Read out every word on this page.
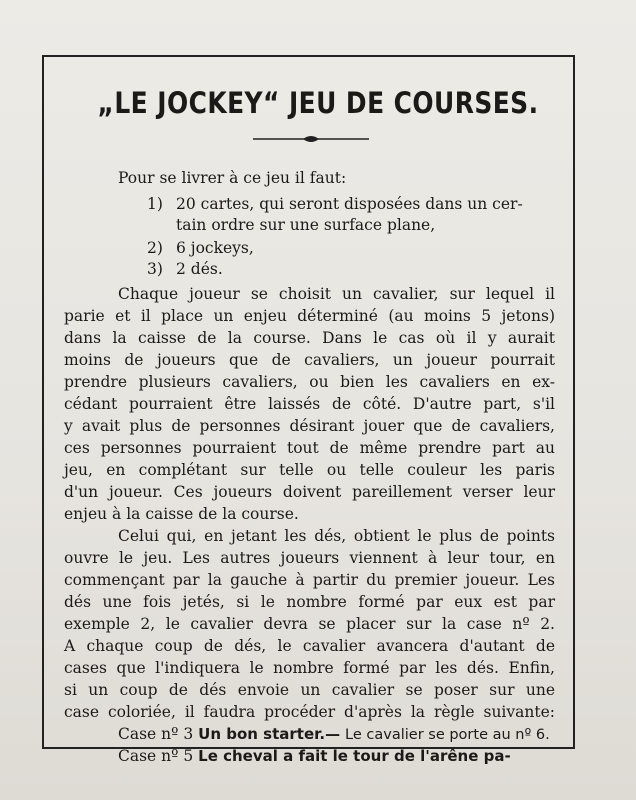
„LE JOCKEY“ JEU DE COURSES.
Pour se livrer à ce jeu il faut:
1) 20 cartes, qui seront disposées dans un cer-
tain ordre sur une surface plane,
2) 6 jockeys,
3) 2 dés.
Chaque joueur se choisit un cavalier, sur lequel il
parie et il place un enjeu déterminé (au moins 5 jetons)
dans la caisse de la course. Dans le cas où il y aurait
moins de joueurs que de cavaliers, un joueur pourrait
prendre plusieurs cavaliers, ou bien les cavaliers en ex-
cédant pourraient être laissés de côté. D'autre part, s'il
y avait plus de personnes désirant jouer que de cavaliers,
ces personnes pourraient tout de même prendre part au
jeu, en complétant sur telle ou telle couleur les paris
d'un joueur. Ces joueurs doivent pareillement verser leur
enjeu à la caisse de la course.
Celui qui, en jetant les dés, obtient le plus de points
ouvre le jeu. Les autres joueurs viennent à leur tour, en
commençant par la gauche à partir du premier joueur. Les
dés une fois jetés, si le nombre formé par eux est par
exemple 2, le cavalier devra se placer sur la case nº 2.
A chaque coup de dés, le cavalier avancera d'autant de
cases que l'indiquera le nombre formé par les dés. Enfin,
si un coup de dés envoie un cavalier se poser sur une
case coloriée, il faudra procéder d'après la règle suivante:
Case nº 3 Un bon starter.— Le cavalier se porte au nº 6.
Case nº 5 Le cheval a fait le tour de l'arêne pa-
